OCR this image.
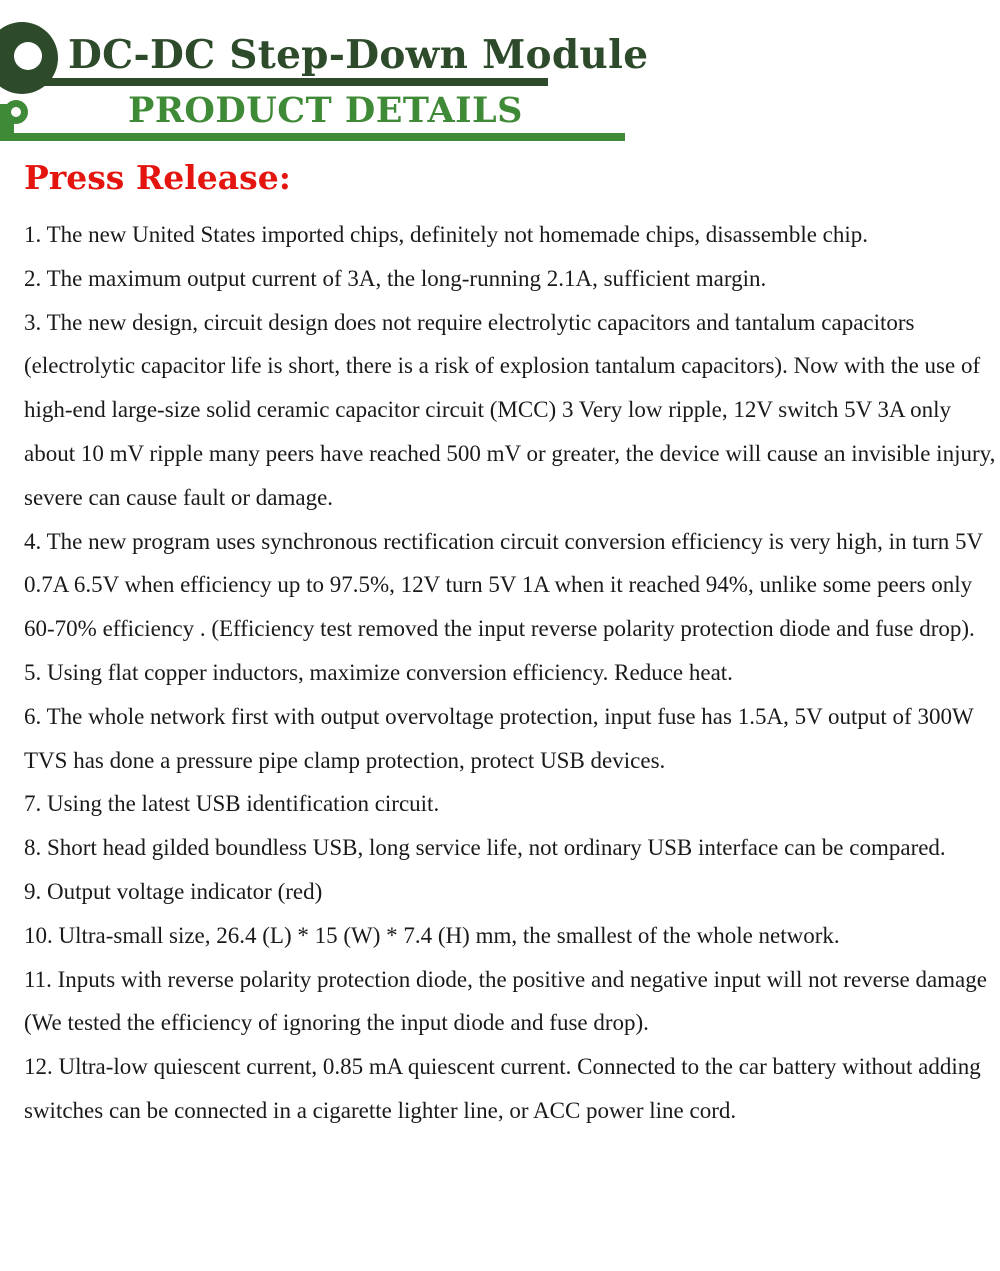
DC-DC Step-Down Module
PRODUCT DETAILS
Press Release:

1. The new United States imported chips, definitely not homemade chips, disassemble chip.

2. The maximum output current of 3A, the long-running 2.1A, sufficient margin.

3. The new design, circuit design does not require electrolytic capacitors and tantalum capacitors (electrolytic capacitor life is short, there is a risk of explosion tantalum capacitors). Now with the use of high-end large-size solid ceramic capacitor circuit (MCC) 3 Very low ripple, 12V switch 5V 3A only about 10 mV ripple many peers have reached 500 mV or greater, the device will cause an invisible injury, severe can cause fault or damage.

4. The new program uses synchronous rectification circuit conversion efficiency is very high, in turn 5V 0.7A 6.5V when efficiency up to 97.5%, 12V turn 5V 1A when it reached 94%, unlike some peers only 60-70% efficiency . (Efficiency test removed the input reverse polarity protection diode and fuse drop).

5. Using flat copper inductors, maximize conversion efficiency. Reduce heat.

6. The whole network first with output overvoltage protection, input fuse has 1.5A, 5V output of 300W TVS has done a pressure pipe clamp protection, protect USB devices.

7. Using the latest USB identification circuit.

8. Short head gilded boundless USB, long service life, not ordinary USB interface can be compared.

9. Output voltage indicator (red)

10. Ultra-small size, 26.4 (L) * 15 (W) * 7.4 (H) mm, the smallest of the whole network.

11. Inputs with reverse polarity protection diode, the positive and negative input will not reverse damage (We tested the efficiency of ignoring the input diode and fuse drop).

12. Ultra-low quiescent current, 0.85 mA quiescent current. Connected to the car battery without adding switches can be connected in a cigarette lighter line, or ACC power line cord.
